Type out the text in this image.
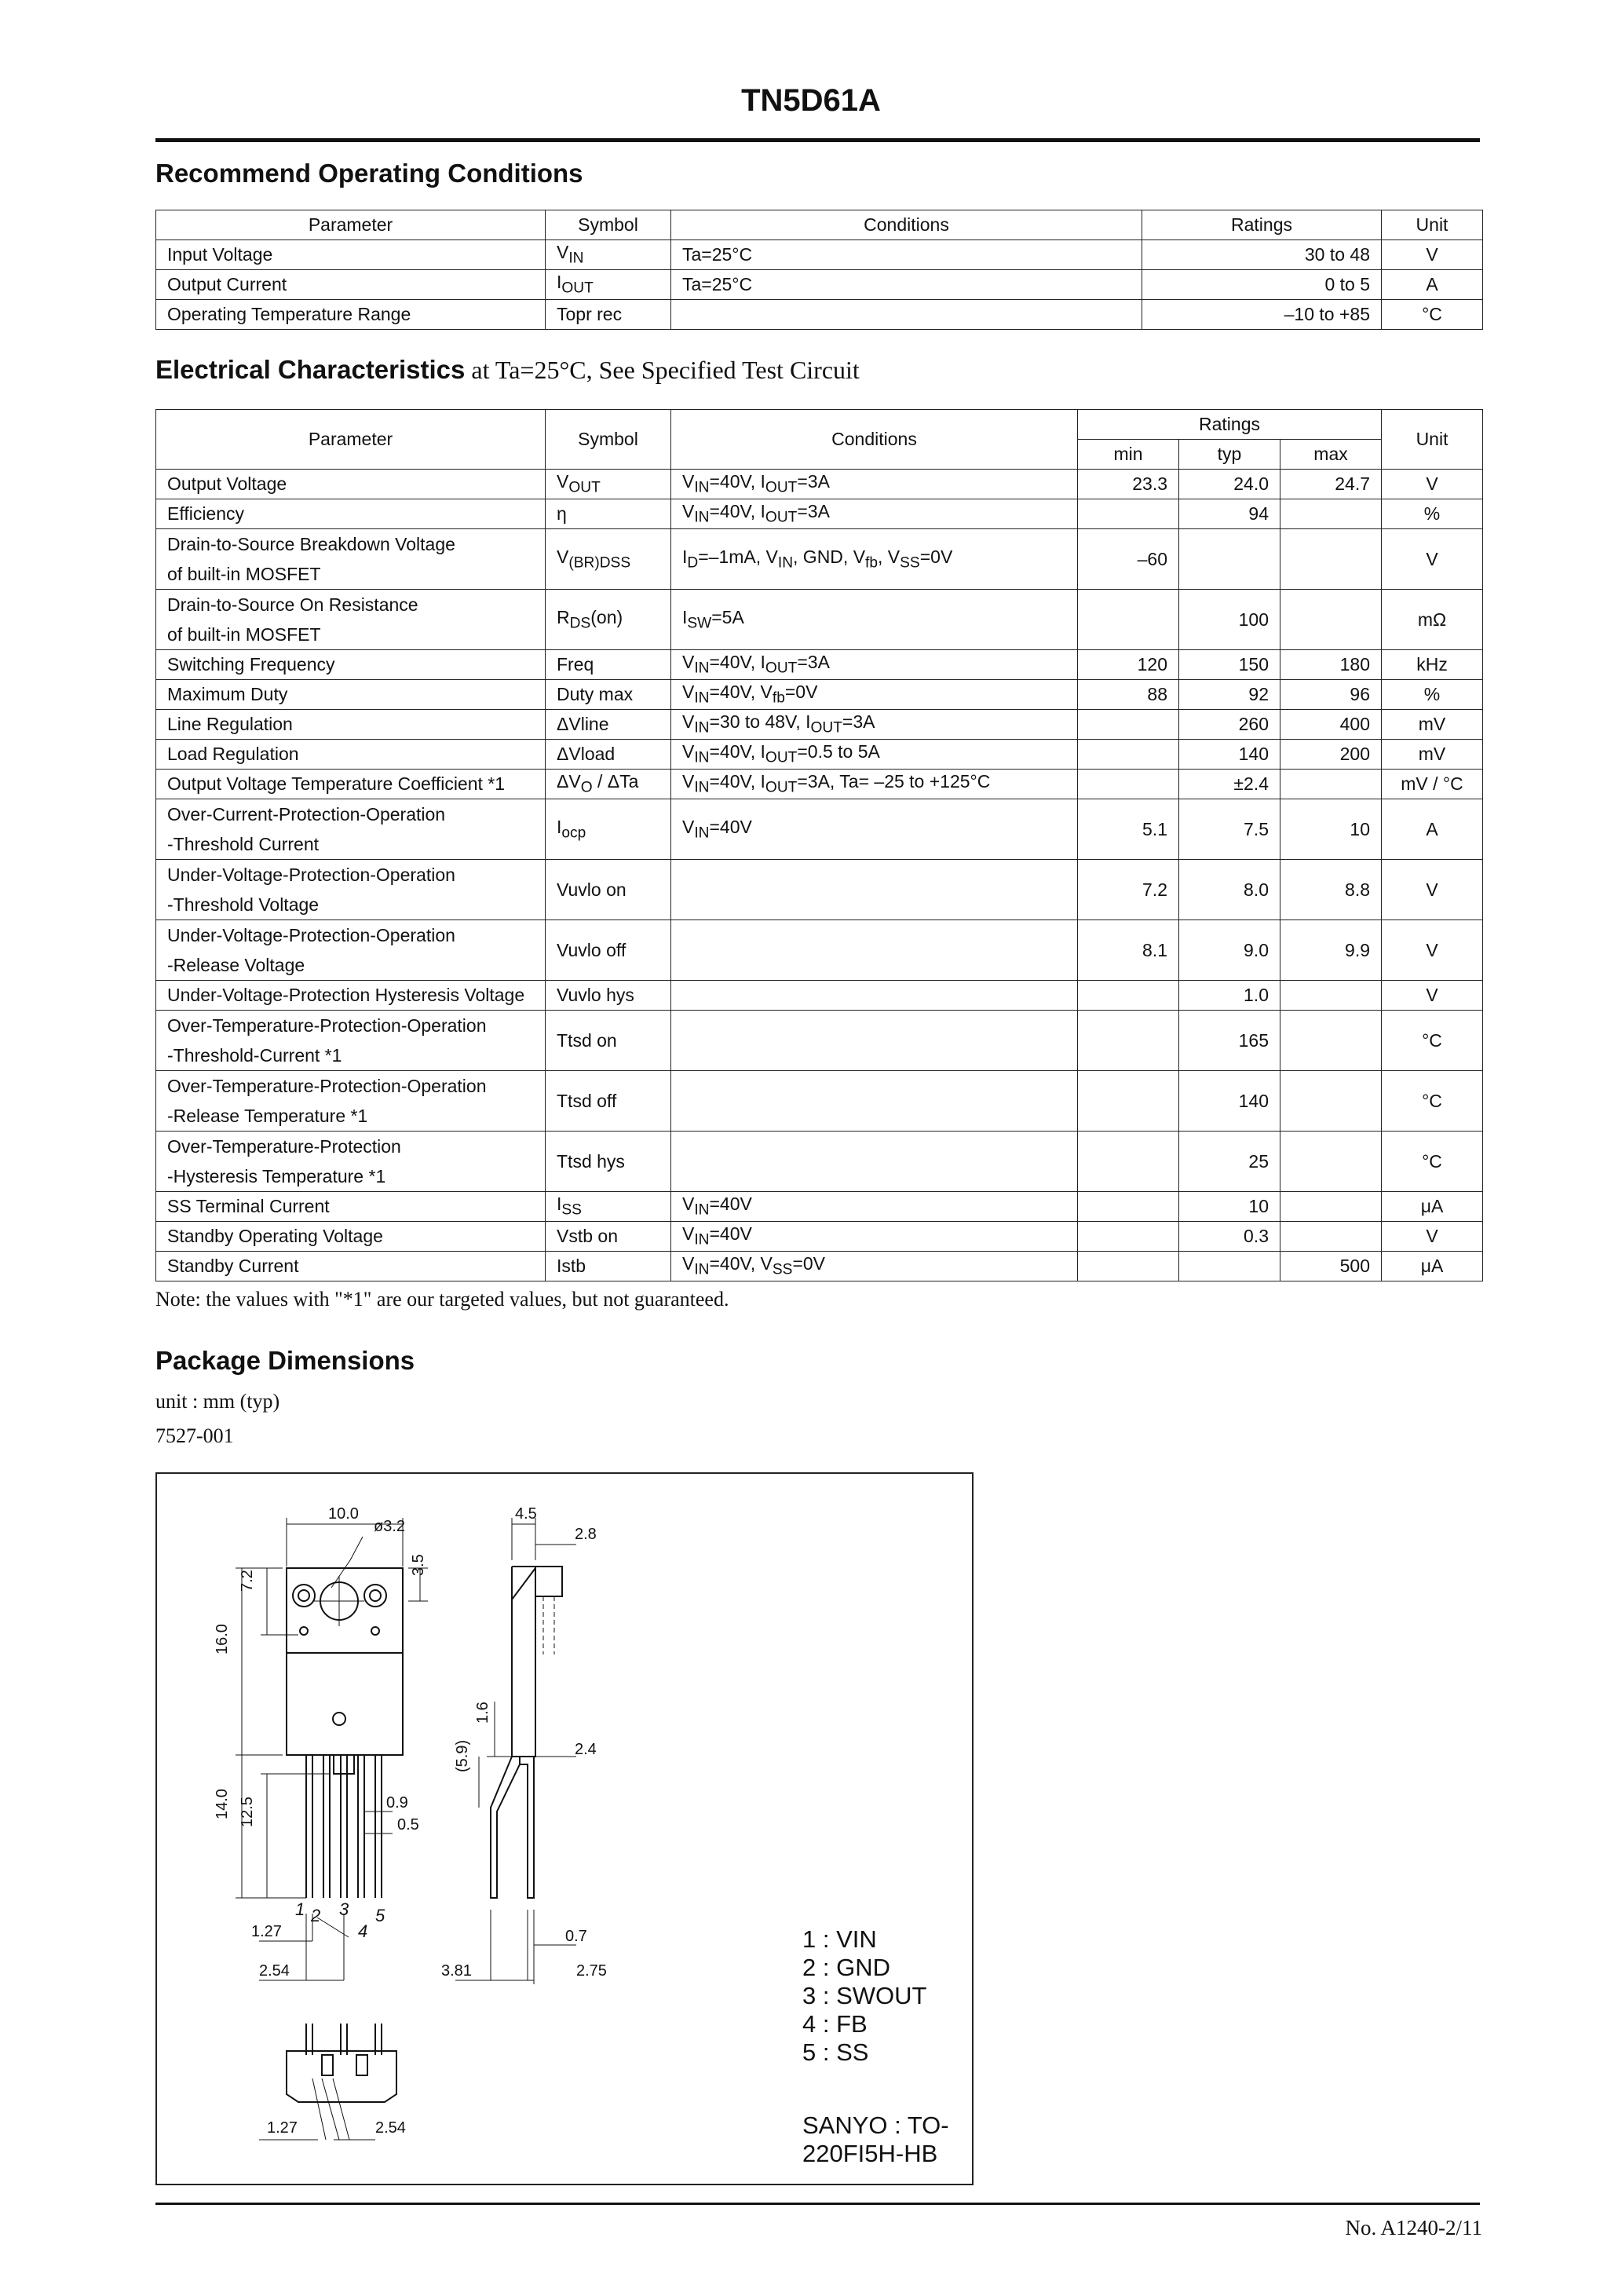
TN5D61A
Recommend Operating Conditions
Parameter	Symbol	Conditions	Ratings	Unit
Input Voltage	$V_{IN}$	Ta=25°C	30 to 48	V
Output Current	$I_{OUT}$	Ta=25°C	0 to 5	A
Operating Temperature Range	Topr rec		–10 to +85	°C
Electrical Characteristics at Ta=25°C, See Specified Test Circuit
Parameter	Symbol	Conditions	Ratings			Unit
			min	typ	max	
Output Voltage	$V_{OUT}$	$V_{IN}=40V$, $I_{OUT}=3A$	23.3	24.0	24.7	V
Efficiency	η	$V_{IN}=40V$, $I_{OUT}=3A$		94		%
Drain-to-Source Breakdown Voltage
of built-in MOSFET	$V_{(BR)DSS}$	$I_D=-1mA$, $V_{IN}$, GND, $V_{fb}$, $V_{SS}=0V$	–60			V
Drain-to-Source On Resistance
of built-in MOSFET	$R_{DS}(on)$	$I_{SW}=5A$		100		mΩ
Switching Frequency	Freq	$V_{IN}=40V$, $I_{OUT}=3A$	120	150	180	kHz
Maximum Duty	Duty max	$V_{IN}=40V$, $V_{fb}=0V$	88	92	96	%
Line Regulation	ΔVline	$V_{IN}=30$ to 48V, $I_{OUT}=3A$		260	400	mV
Load Regulation	ΔVload	$V_{IN}=40V$, $I_{OUT}=0.5$ to 5A		140	200	mV
Output Voltage Temperature Coefficient *1	$\Delta V_O$ / ΔTa	$V_{IN}=40V$, $I_{OUT}=3A$, Ta= –25 to +125°C		±2.4		mV / °C
Over-Current-Protection-Operation
-Threshold Current	$I_{ocp}$	$V_{IN}=40V$	5.1	7.5	10	A
Under-Voltage-Protection-Operation
-Threshold Voltage	Vuvlo on		7.2	8.0	8.8	V
Under-Voltage-Protection-Operation
-Release Voltage	Vuvlo off		8.1	9.0	9.9	V
Under-Voltage-Protection Hysteresis Voltage	Vuvlo hys			1.0		V
Over-Temperature-Protection-Operation
-Threshold-Current *1	Ttsd on			165		°C
Over-Temperature-Protection-Operation
-Release Temperature *1	Ttsd off			140		°C
Over-Temperature-Protection
-Hysteresis Temperature *1	Ttsd hys			25		°C
SS Terminal Current	$I_{SS}$	$V_{IN}=40V$		10		μA
Standby Operating Voltage	Vstb on	$V_{IN}=40V$		0.3		V
Standby Current	Istb	$V_{IN}=40V$, $V_{SS}=0V$			500	μA
Note: the values with "*1" are our targeted values, but not guaranteed.
Package Dimensions
unit : mm (typ)
7527-001
10.0
ø3.2
7.2
3.5
16.0
14.0 12.5	0.9
0.5
4.5
2.8
1.6
2.4
(5.9)
1.27
2.54	3.81
0.7
2.75
1 2 3
4
5
1.27	2.54
1 : VIN
2 : GND
3 : SWOUT
4 : FB
5 : SS
SANYO : TO-220FI5H-HB
No. A1240-2/11
